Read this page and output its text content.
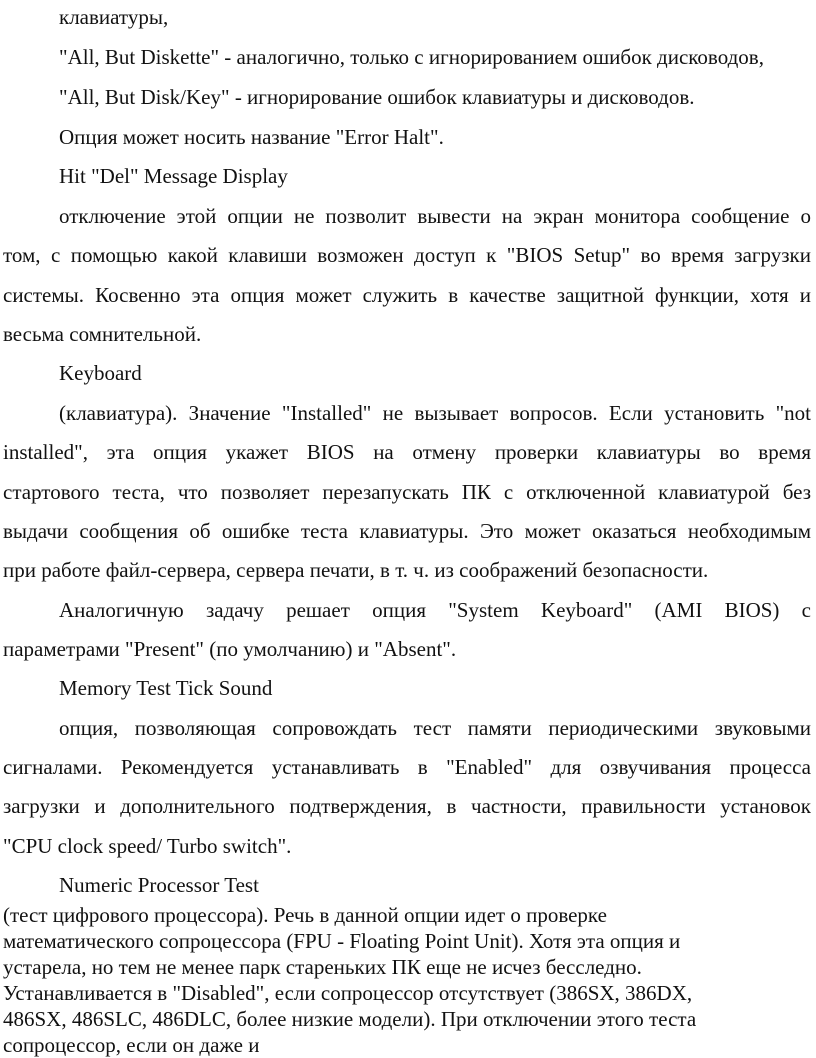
клавиатуры,
"All, But Diskette" - аналогично, только с игнорированием ошибок дисководов,
"All, But Disk/Key" - игнорирование ошибок клавиатуры и дисководов.
Опция может носить название "Error Halt".
Hit "Del" Message Display
отключение этой опции не позволит вывести на экран монитора сообщение о
том, с помощью какой клавиши возможен доступ к "BIOS Setup" во время загрузки
системы. Косвенно эта опция может служить в качестве защитной функции, хотя и
весьма сомнительной.
Keyboard
(клавиатура). Значение "Installed" не вызывает вопросов. Если установить "not
installed", эта опция укажет BIOS на отмену проверки клавиатуры во время
стартового теста, что позволяет перезапускать ПК с отключенной клавиатурой без
выдачи сообщения об ошибке теста клавиатуры. Это может оказаться необходимым
при работе файл-сервера, сервера печати, в т. ч. из соображений безопасности.
Аналогичную задачу решает опция "System Keyboard" (AMI BIOS) с
параметрами "Present" (по умолчанию) и "Absent".
Memory Test Tick Sound
опция, позволяющая сопровождать тест памяти периодическими звуковыми
сигналами. Рекомендуется устанавливать в "Enabled" для озвучивания процесса
загрузки и дополнительного подтверждения, в частности, правильности установок
"CPU clock speed/ Turbo switch".
Numeric Processor Test

(тест цифрового процессора). Речь в данной опции идет о проверке

математического сопроцессора (FPU - Floating Point Unit). Хотя эта опция и

устарела, но тем не менее парк стареньких ПК еще не исчез бесследно.

Устанавливается в "Disabled", если сопроцессор отсутствует (386SX, 386DX,

486SX, 486SLC, 486DLC, более низкие модели). При отключении этого теста

сопроцессор, если он даже и
